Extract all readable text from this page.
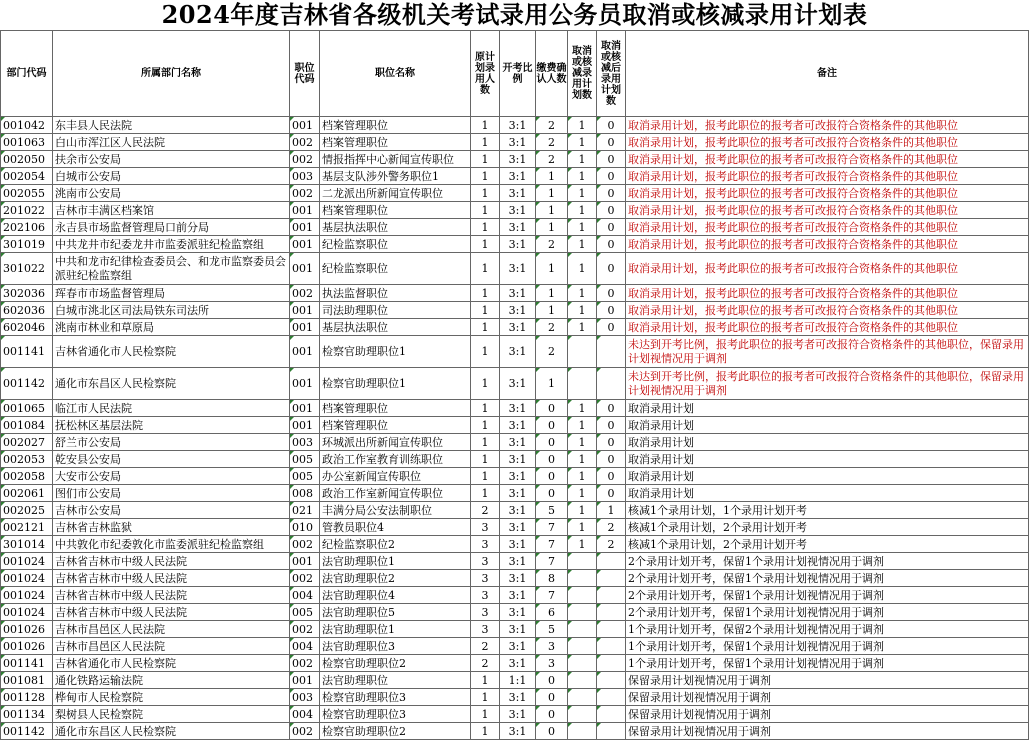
2024年度吉林省各级机关考试录用公务员取消或核减录用计划表
部门代码	所属部门名称	职位代码	职位名称	原计划录用人数	开考比例	缴费确认人数	取消或核减录用计划数	取消或核减后录用计划数	备注
001042	东丰县人民法院	001	档案管理职位	1	3:1	2	1	0	取消录用计划，报考此职位的报考者可改报符合资格条件的其他职位
001063	白山市浑江区人民法院	002	档案管理职位	1	3:1	2	1	0	取消录用计划，报考此职位的报考者可改报符合资格条件的其他职位
002050	扶余市公安局	002	情报指挥中心新闻宣传职位	1	3:1	2	1	0	取消录用计划，报考此职位的报考者可改报符合资格条件的其他职位
002054	白城市公安局	003	基层支队涉外警务职位1	1	3:1	1	1	0	取消录用计划，报考此职位的报考者可改报符合资格条件的其他职位
002055	洮南市公安局	002	二龙派出所新闻宣传职位	1	3:1	1	1	0	取消录用计划，报考此职位的报考者可改报符合资格条件的其他职位
201022	吉林市丰满区档案馆	001	档案管理职位	1	3:1	1	1	0	取消录用计划，报考此职位的报考者可改报符合资格条件的其他职位
202106	永吉县市场监督管理局口前分局	001	基层执法职位	1	3:1	1	1	0	取消录用计划，报考此职位的报考者可改报符合资格条件的其他职位
301019	中共龙井市纪委龙井市监委派驻纪检监察组	001	纪检监察职位	1	3:1	2	1	0	取消录用计划，报考此职位的报考者可改报符合资格条件的其他职位
301022	中共和龙市纪律检查委员会、和龙市监察委员会派驻纪检监察组	001	纪检监察职位	1	3:1	1	1	0	取消录用计划，报考此职位的报考者可改报符合资格条件的其他职位
302036	珲春市市场监督管理局	002	执法监督职位	1	3:1	1	1	0	取消录用计划，报考此职位的报考者可改报符合资格条件的其他职位
602036	白城市洮北区司法局铁东司法所	001	司法助理职位	1	3:1	1	1	0	取消录用计划，报考此职位的报考者可改报符合资格条件的其他职位
602046	洮南市林业和草原局	001	基层执法职位	1	3:1	2	1	0	取消录用计划，报考此职位的报考者可改报符合资格条件的其他职位
001141	吉林省通化市人民检察院	001	检察官助理职位1	1	3:1	2			未达到开考比例，报考此职位的报考者可改报符合资格条件的其他职位，保留录用计划视情况用于调剂
001142	通化市东昌区人民检察院	001	检察官助理职位1	1	3:1	1			未达到开考比例，报考此职位的报考者可改报符合资格条件的其他职位，保留录用计划视情况用于调剂
001065	临江市人民法院	001	档案管理职位	1	3:1	0	1	0	取消录用计划
001084	抚松林区基层法院	001	档案管理职位	1	3:1	0	1	0	取消录用计划
002027	舒兰市公安局	003	环城派出所新闻宣传职位	1	3:1	0	1	0	取消录用计划
002053	乾安县公安局	005	政治工作室教育训练职位	1	3:1	0	1	0	取消录用计划
002058	大安市公安局	005	办公室新闻宣传职位	1	3:1	0	1	0	取消录用计划
002061	图们市公安局	008	政治工作室新闻宣传职位	1	3:1	0	1	0	取消录用计划
002025	吉林市公安局	021	丰满分局公安法制职位	2	3:1	5	1	1	核减1个录用计划，1个录用计划开考
002121	吉林省吉林监狱	010	管教员职位4	3	3:1	7	1	2	核减1个录用计划，2个录用计划开考
301014	中共敦化市纪委敦化市监委派驻纪检监察组	002	纪检监察职位2	3	3:1	7	1	2	核减1个录用计划，2个录用计划开考
001024	吉林省吉林市中级人民法院	001	法官助理职位1	3	3:1	7			2个录用计划开考，保留1个录用计划视情况用于调剂
001024	吉林省吉林市中级人民法院	002	法官助理职位2	3	3:1	8			2个录用计划开考，保留1个录用计划视情况用于调剂
001024	吉林省吉林市中级人民法院	004	法官助理职位4	3	3:1	7			2个录用计划开考，保留1个录用计划视情况用于调剂
001024	吉林省吉林市中级人民法院	005	法官助理职位5	3	3:1	6			2个录用计划开考，保留1个录用计划视情况用于调剂
001026	吉林市昌邑区人民法院	002	法官助理职位1	3	3:1	5			1个录用计划开考，保留2个录用计划视情况用于调剂
001026	吉林市昌邑区人民法院	004	法官助理职位3	2	3:1	3			1个录用计划开考，保留1个录用计划视情况用于调剂
001141	吉林省通化市人民检察院	002	检察官助理职位2	2	3:1	3			1个录用计划开考，保留1个录用计划视情况用于调剂
001081	通化铁路运输法院	001	法官助理职位	1	1:1	0			保留录用计划视情况用于调剂
001128	桦甸市人民检察院	003	检察官助理职位3	1	3:1	0			保留录用计划视情况用于调剂
001134	梨树县人民检察院	004	检察官助理职位3	1	3:1	0			保留录用计划视情况用于调剂
001142	通化市东昌区人民检察院	002	检察官助理职位2	1	3:1	0			保留录用计划视情况用于调剂
